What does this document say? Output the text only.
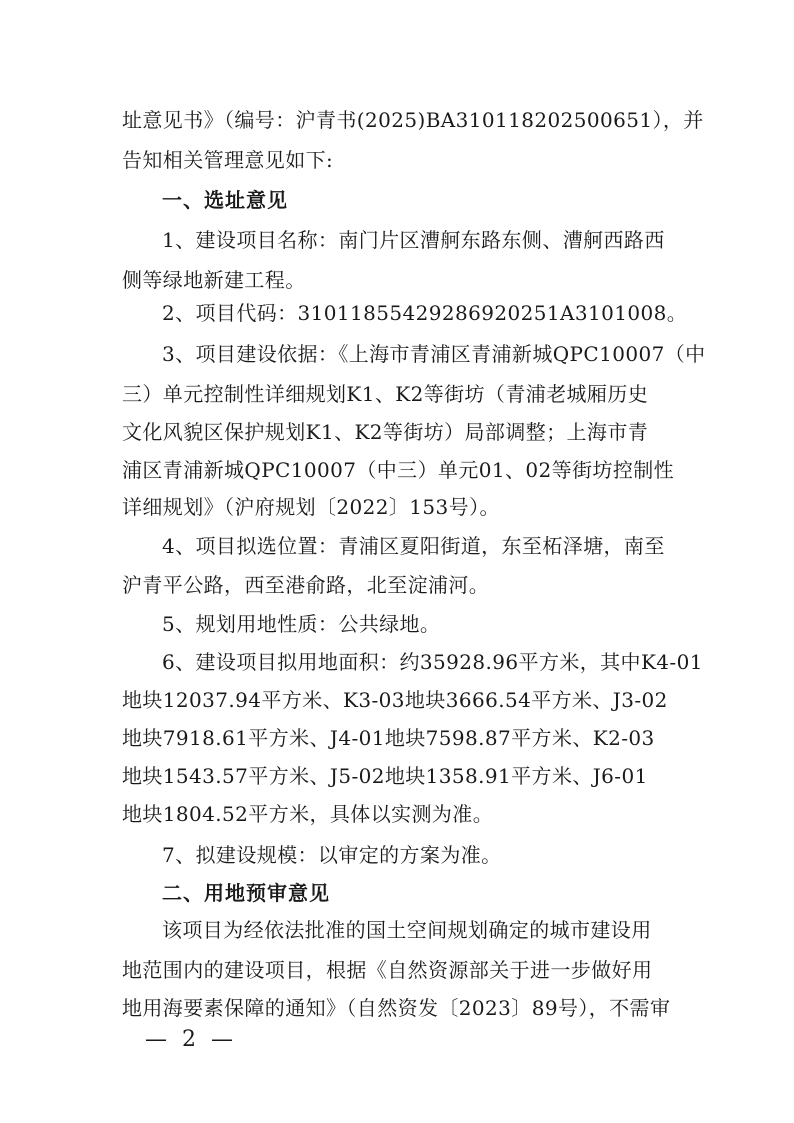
址意见书》（编号：沪青书(2025)BA310118202500651），并
告知相关管理意见如下:
一、选址意见
1、建设项目名称：南门片区漕舸东路东侧、漕舸西路西
侧等绿地新建工程。
2、项目代码：31011855429286920251A3101008。
3、项目建设依据：《上海市青浦区青浦新城QPC10007（中
三）单元控制性详细规划K1、K2等街坊（青浦老城厢历史
文化风貌区保护规划K1、K2等街坊）局部调整；上海市青
浦区青浦新城QPC10007（中三）单元01、02等街坊控制性
详细规划》（沪府规划〔2022〕153号）。
4、项目拟选位置：青浦区夏阳街道，东至柘泽塘，南至
沪青平公路，西至港俞路，北至淀浦河。
5、规划用地性质：公共绿地。
6、建设项目拟用地面积：约35928.96平方米，其中K4-01
地块12037.94平方米、K3-03地块3666.54平方米、J3-02
地块7918.61平方米、J4-01地块7598.87平方米、K2-03
地块1543.57平方米、J5-02地块1358.91平方米、J6-01
地块1804.52平方米，具体以实测为准。
7、拟建设规模：以审定的方案为准。
二、用地预审意见
该项目为经依法批准的国土空间规划确定的城市建设用
地范围内的建设项目，根据《自然资源部关于进一步做好用
地用海要素保障的通知》（自然资发〔2023〕89号），不需审
— 2 —
